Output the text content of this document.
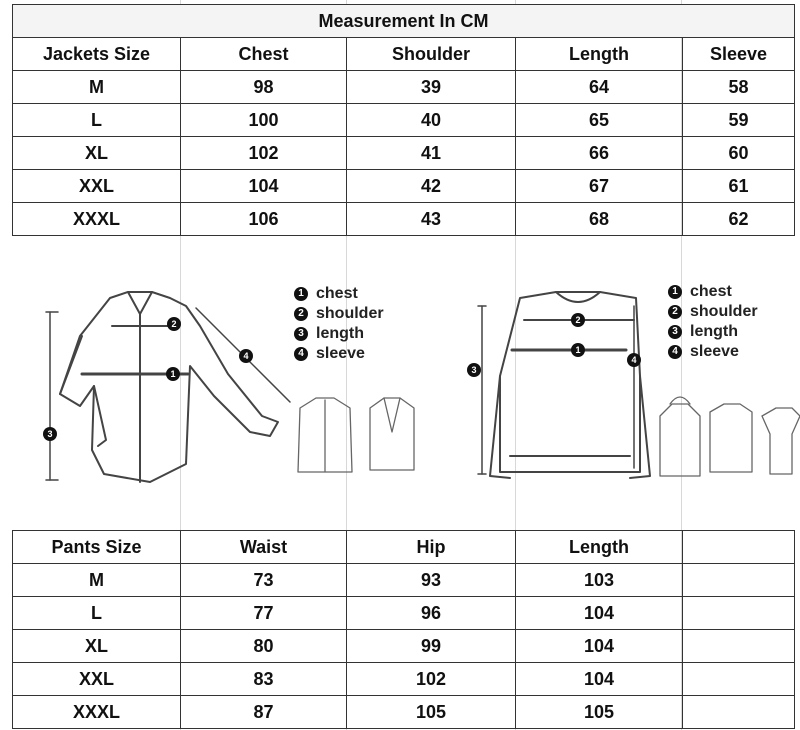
Measurement In CM				
Jackets Size	Chest	Shoulder	Length	Sleeve
M	98	39	64	58
L	100	40	65	59
XL	102	41	66	60
XXL	104	42	67	61
XXXL	106	43	68	62
2
1
4
3
2
1
4
3
1 chest
2 shoulder
3 length
4 sleeve
1 chest
2 shoulder
3 length
4 sleeve
Pants Size	Waist	Hip	Length	
M	73	93	103	
L	77	96	104	
XL	80	99	104	
XXL	83	102	104	
XXXL	87	105	105	
